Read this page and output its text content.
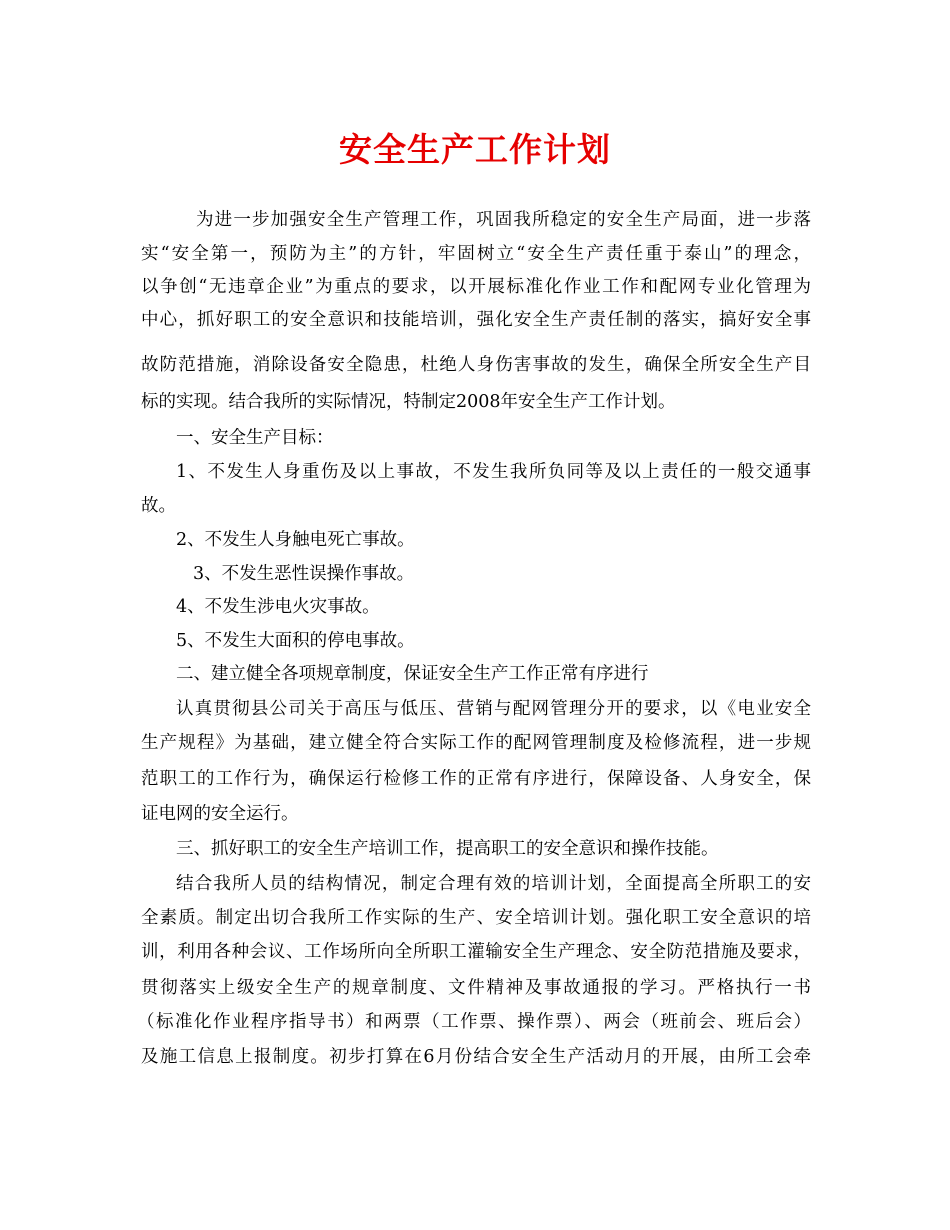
安全生产工作计划
为进一步加强安全生产管理工作，巩固我所稳定的安全生产局面，进一步落
实“安全第一，预防为主”的方针，牢固树立“安全生产责任重于泰山”的理念，
以争创“无违章企业”为重点的要求，以开展标准化作业工作和配网专业化管理为
中心，抓好职工的安全意识和技能培训，强化安全生产责任制的落实，搞好安全事
故防范措施，消除设备安全隐患，杜绝人身伤害事故的发生，确保全所安全生产目
标的实现。结合我所的实际情况，特制定2008年安全生产工作计划。
一、安全生产目标：
1、不发生人身重伤及以上事故，不发生我所负同等及以上责任的一般交通事
故。
2、不发生人身触电死亡事故。
3、不发生恶性误操作事故。
4、不发生涉电火灾事故。
5、不发生大面积的停电事故。
二、建立健全各项规章制度，保证安全生产工作正常有序进行
认真贯彻县公司关于高压与低压、营销与配网管理分开的要求，以《电业安全
生产规程》为基础，建立健全符合实际工作的配网管理制度及检修流程，进一步规
范职工的工作行为，确保运行检修工作的正常有序进行，保障设备、人身安全，保
证电网的安全运行。
三、抓好职工的安全生产培训工作，提高职工的安全意识和操作技能。
结合我所人员的结构情况，制定合理有效的培训计划，全面提高全所职工的安
全素质。制定出切合我所工作实际的生产、安全培训计划。强化职工安全意识的培
训，利用各种会议、工作场所向全所职工灌输安全生产理念、安全防范措施及要求，
贯彻落实上级安全生产的规章制度、文件精神及事故通报的学习。严格执行一书
（标准化作业程序指导书）和两票（工作票、操作票）、两会（班前会、班后会）
及施工信息上报制度。初步打算在6月份结合安全生产活动月的开展，由所工会牵
